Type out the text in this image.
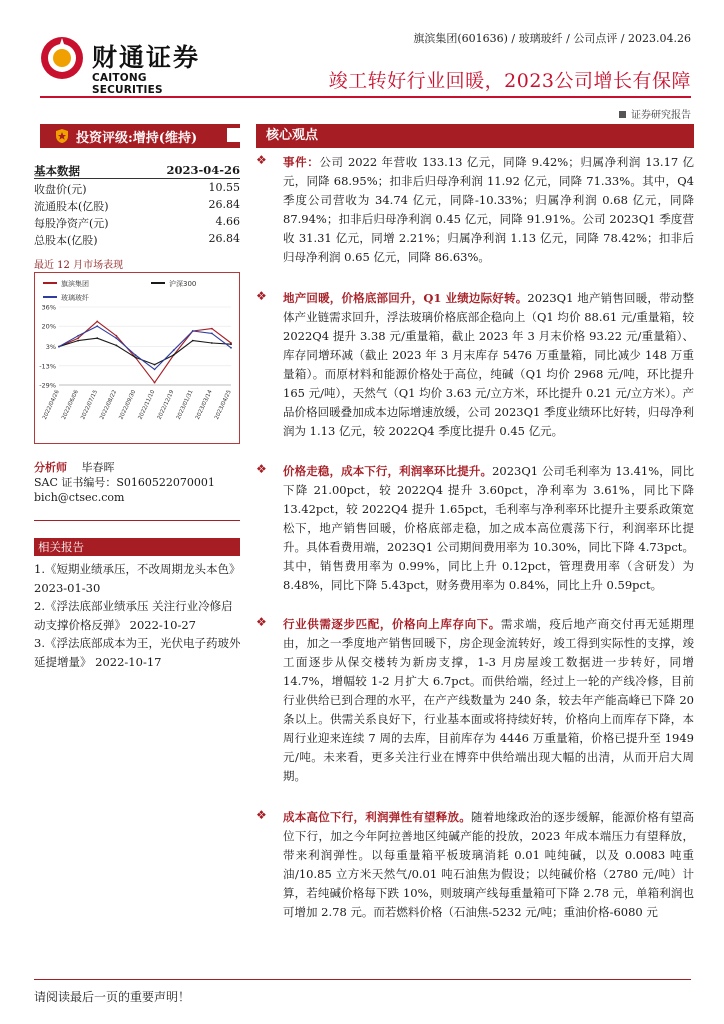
财通证券
CAITONG SECURITIES
旗滨集团(601636) / 玻璃玻纤 / 公司点评 / 2023.04.26
竣工转好行业回暖，2023公司增长有保障
证券研究报告
投资评级:增持(维持)
基本数据	2023-04-26
收盘价(元)	10.55
流通股本(亿股)	26.84
每股净资产(元)	4.66
总股本(亿股)	26.84
最近 12 月市场表现
旗滨集团	沪深300
玻璃玻纤
36%
20%
3%
-13%
-29%
2022/04/26 2022/06/06 2022/07/15 2022/08/22 2022/09/30 2022/11/10 2022/12/19 2023/01/31 2023/03/14 2023/04/25
分析师 毕春晖
SAC 证书编号：S0160522070001
bich@ctsec.com
相关报告
1.《短期业绩承压，不改周期龙头本色》 2023-01-30
2.《浮法底部业绩承压 关注行业冷修启动支撑价格反弹》 2022-10-27
3.《浮法底部成本为王，光伏电子药玻外延提增量》 2022-10-17
核心观点
❖	事件：公司 2022 年营收 133.13 亿元，同降 9.42%；归属净利润 13.17 亿元，同降 68.95%；扣非后归母净利润 11.92 亿元，同降 71.33%。其中，Q4 季度公司营收为 34.74 亿元，同降-10.33%；归属净利润 0.68 亿元，同降 87.94%；扣非后归母净利润 0.45 亿元，同降 91.91%。公司 2023Q1 季度营收 31.31 亿元，同增 2.21%；归属净利润 1.13 亿元，同降 78.42%；扣非后归母净利润 0.65 亿元，同降 86.63%。
❖	地产回暖，价格底部回升，Q1 业绩边际好转。2023Q1 地产销售回暖，带动整体产业链需求回升，浮法玻璃价格底部企稳向上（Q1 均价 88.61 元/重量箱，较 2022Q4 提升 3.38 元/重量箱，截止 2023 年 3 月末价格 93.22 元/重量箱）、库存同增环减（截止 2023 年 3 月末库存 5476 万重量箱，同比减少 148 万重量箱）。而原材料和能源价格处于高位，纯碱（Q1 均价 2968 元/吨，环比提升 165 元/吨），天然气（Q1 均价 3.63 元/立方米，环比提升 0.21 元/立方米）。产品价格回暖叠加成本边际增速放缓，公司 2023Q1 季度业绩环比好转，归母净利润为 1.13 亿元，较 2022Q4 季度比提升 0.45 亿元。
❖	价格走稳，成本下行，利润率环比提升。2023Q1 公司毛利率为 13.41%，同比下降 21.00pct，较 2022Q4 提升 3.60pct，净利率为 3.61%，同比下降 13.42pct，较 2022Q4 提升 1.65pct，毛利率与净利率环比提升主要系政策宽松下，地产销售回暖，价格底部走稳，加之成本高位震荡下行，利润率环比提升。具体看费用端，2023Q1 公司期间费用率为 10.30%，同比下降 4.73pct。其中，销售费用率为 0.99%，同比上升 0.12pct，管理费用率（含研发）为 8.48%，同比下降 5.43pct，财务费用率为 0.84%，同比上升 0.59pct。
❖	行业供需逐步匹配，价格向上库存向下。需求端，疫后地产商交付再无延期理由，加之一季度地产销售回暖下，房企现金流转好，竣工得到实际性的支撑，竣工面逐步从保交楼转为新房支撑，1-3 月房屋竣工数据进一步转好，同增 14.7%，增幅较 1-2 月扩大 6.7pct。而供给端，经过上一轮的产线冷修，目前行业供给已到合理的水平，在产产线数量为 240 条，较去年产能高峰已下降 20 条以上。供需关系良好下，行业基本面或将持续好转，价格向上而库存下降，本周行业迎来连续 7 周的去库，目前库存为 4446 万重量箱，价格已提升至 1949 元/吨。未来看，更多关注行业在博弈中供给端出现大幅的出清，从而开启大周期。
❖	成本高位下行，利润弹性有望释放。随着地缘政治的逐步缓解，能源价格有望高位下行，加之今年阿拉善地区纯碱产能的投放，2023 年成本端压力有望释放，带来利润弹性。以每重量箱平板玻璃消耗 0.01 吨纯碱，以及 0.0083 吨重油/10.85 立方米天然气/0.01 吨石油焦为假设；以纯碱价格（2780 元/吨）计算，若纯碱价格每下跌 10%，则玻璃产线每重量箱可下降 2.78 元，单箱利润也可增加 2.78 元。而若燃料价格（石油焦-5232 元/吨；重油价格-6080 元
请阅读最后一页的重要声明！
